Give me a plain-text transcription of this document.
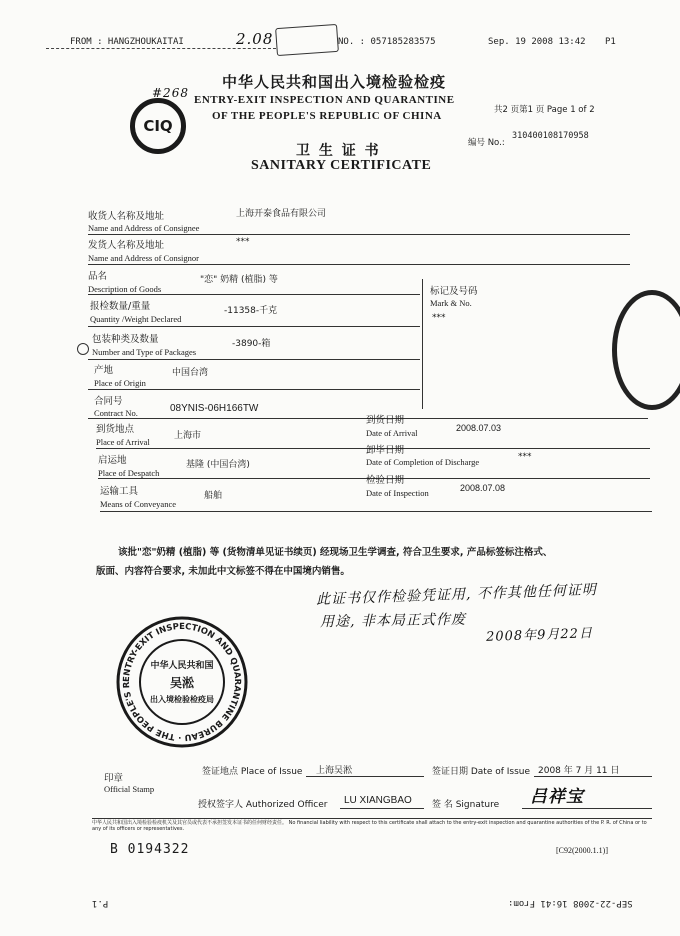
FROM : HANGZHOUKAITAI	2.08	NO. : 057185283575	Sep. 19 2008 13:42 P1
#268
CIQ
中华人民共和国出入境检验检疫
ENTRY-EXIT INSPECTION AND QUARANTINE
OF THE PEOPLE'S REPUBLIC OF CHINA	共2 页第1 页 Page 1 of 2
编号 No.:
310400108170958
卫 生 证 书
SANITARY CERTIFICATE
收货人名称及地址
Name and Address of Consignee
上海开泰食品有限公司
发货人名称及地址
Name and Address of Consignor
***
品名
Description of Goods
"恋" 奶精 (植脂) 等
标记及号码
Mark & No.
***
报检数量/重量
Quantity /Weight Declared
-11358-千克
包装种类及数量
Number and Type of Packages
-3890-箱
产地
Place of Origin
中国台湾
合同号
Contract No.	08YNIS-06H166TW
到货地点
Place of Arrival
上海市
到货日期
Date of Arrival	2008.07.03
启运地
Place of Despatch
基隆 (中国台湾)
卸毕日期
Date of Completion of Discharge	***
运输工具
Means of Conveyance
船舶
检验日期
Date of Inspection	2008.07.08
该批"恋"奶精 (植脂) 等 (货物清单见证书续页) 经现场卫生学调查, 符合卫生要求, 产品标签标注格式、
版面、内容符合要求, 未加此中文标签不得在中国境内销售。
此证书仅作检验凭证用, 不作其他任何证明
用途, 非本局正式作废
2008年9月22日
ENTRY-EXIT INSPECTION AND QUARANTINE BUREAU · THE PEOPLE'S R
中华人民共和国
吴淞
出入境检验检疫局
印章
Official Stamp
签证地点 Place of Issue 上海吴淞	签证日期 Date of Issue 2008 年 7 月 11 日
授权签字人 Authorized Officer LU XIANGBAO 签 名 Signature 吕祥宝
中华人民共和国出入境检验检疫机关及其官员或代表不承担签发本证书的任何财经责任。 No financial liability with respect to this certificate shall attach to the entry-exit inspection and quarantine authorities of the P. R. of China or to any of its officers or representatives.
B 0194322	[C92(2000.1.1)]
SEP-22-2008 16:41 From:
P.1
